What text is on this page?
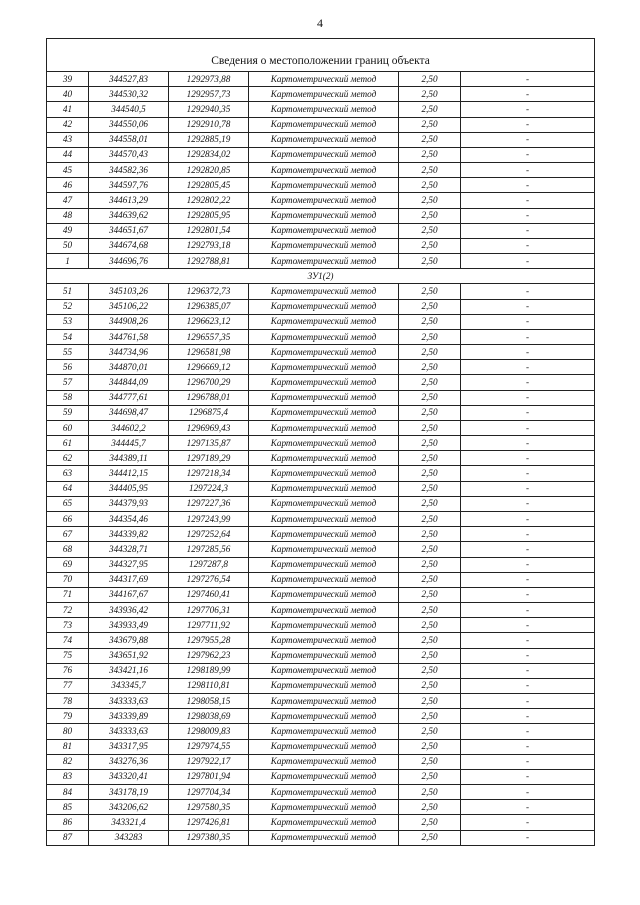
4
Сведения о местоположении границ объекта					
39	344527,83	1292973,88	Картометрический метод	2,50	-
40	344530,32	1292957,73	Картометрический метод	2,50	-
41	344540,5	1292940,35	Картометрический метод	2,50	-
42	344550,06	1292910,78	Картометрический метод	2,50	-
43	344558,01	1292885,19	Картометрический метод	2,50	-
44	344570,43	1292834,02	Картометрический метод	2,50	-
45	344582,36	1292820,85	Картометрический метод	2,50	-
46	344597,76	1292805,45	Картометрический метод	2,50	-
47	344613,29	1292802,22	Картометрический метод	2,50	-
48	344639,62	1292805,95	Картометрический метод	2,50	-
49	344651,67	1292801,54	Картометрический метод	2,50	-
50	344674,68	1292793,18	Картометрический метод	2,50	-
1	344696,76	1292788,81	Картометрический метод	2,50	-
ЗУ1(2)					
51	345103,26	1296372,73	Картометрический метод	2,50	-
52	345106,22	1296385,07	Картометрический метод	2,50	-
53	344908,26	1296623,12	Картометрический метод	2,50	-
54	344761,58	1296557,35	Картометрический метод	2,50	-
55	344734,96	1296581,98	Картометрический метод	2,50	-
56	344870,01	1296669,12	Картометрический метод	2,50	-
57	344844,09	1296700,29	Картометрический метод	2,50	-
58	344777,61	1296788,01	Картометрический метод	2,50	-
59	344698,47	1296875,4	Картометрический метод	2,50	-
60	344602,2	1296969,43	Картометрический метод	2,50	-
61	344445,7	1297135,87	Картометрический метод	2,50	-
62	344389,11	1297189,29	Картометрический метод	2,50	-
63	344412,15	1297218,34	Картометрический метод	2,50	-
64	344405,95	1297224,3	Картометрический метод	2,50	-
65	344379,93	1297227,36	Картометрический метод	2,50	-
66	344354,46	1297243,99	Картометрический метод	2,50	-
67	344339,82	1297252,64	Картометрический метод	2,50	-
68	344328,71	1297285,56	Картометрический метод	2,50	-
69	344327,95	1297287,8	Картометрический метод	2,50	-
70	344317,69	1297276,54	Картометрический метод	2,50	-
71	344167,67	1297460,41	Картометрический метод	2,50	-
72	343936,42	1297706,31	Картометрический метод	2,50	-
73	343933,49	1297711,92	Картометрический метод	2,50	-
74	343679,88	1297955,28	Картометрический метод	2,50	-
75	343651,92	1297962,23	Картометрический метод	2,50	-
76	343421,16	1298189,99	Картометрический метод	2,50	-
77	343345,7	1298110,81	Картометрический метод	2,50	-
78	343333,63	1298058,15	Картометрический метод	2,50	-
79	343339,89	1298038,69	Картометрический метод	2,50	-
80	343333,63	1298009,83	Картометрический метод	2,50	-
81	343317,95	1297974,55	Картометрический метод	2,50	-
82	343276,36	1297922,17	Картометрический метод	2,50	-
83	343320,41	1297801,94	Картометрический метод	2,50	-
84	343178,19	1297704,34	Картометрический метод	2,50	-
85	343206,62	1297580,35	Картометрический метод	2,50	-
86	343321,4	1297426,81	Картометрический метод	2,50	-
87	343283	1297380,35	Картометрический метод	2,50	-
